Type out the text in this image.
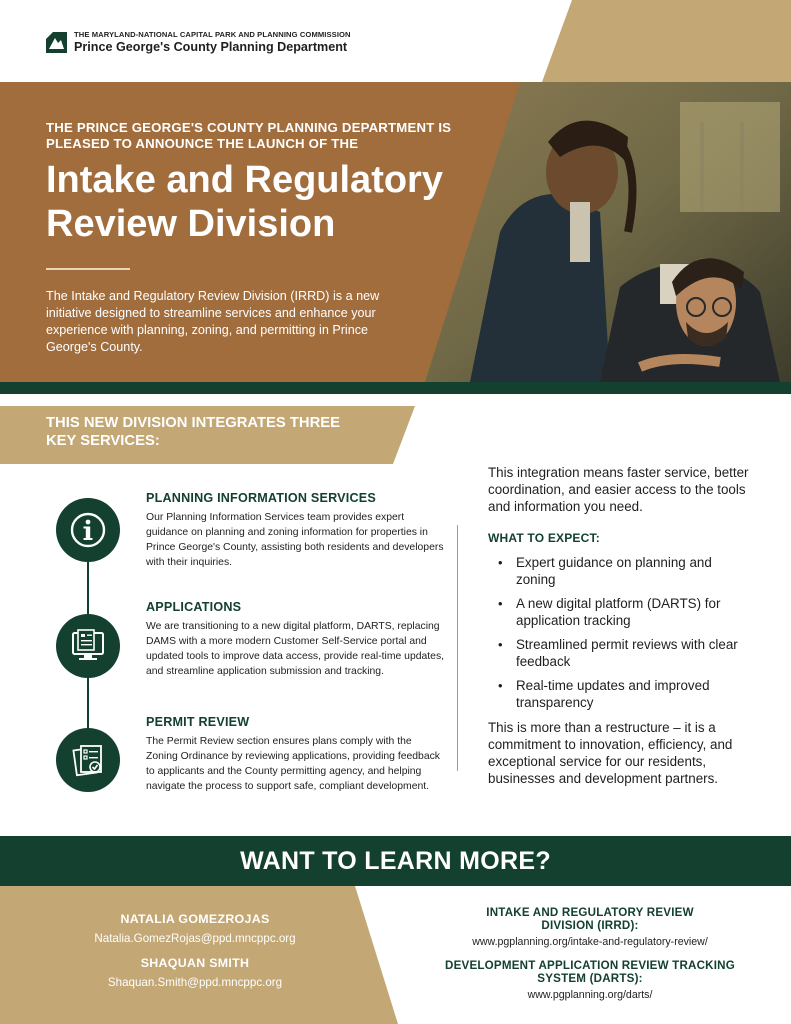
THE MARYLAND-NATIONAL CAPITAL PARK AND PLANNING COMMISSION
Prince George's County Planning Department
THE PRINCE GEORGE'S COUNTY PLANNING DEPARTMENT IS PLEASED TO ANNOUNCE THE LAUNCH OF THE
Intake and Regulatory Review Division
The Intake and Regulatory Review Division (IRRD) is a new initiative designed to streamline services and enhance your experience with planning, zoning, and permitting in Prince George's County.
THIS NEW DIVISION INTEGRATES THREE KEY SERVICES:
PLANNING INFORMATION SERVICES
Our Planning Information Services team provides expert guidance on planning and zoning information for properties in Prince George's County, assisting both residents and developers with their inquiries.
APPLICATIONS
We are transitioning to a new digital platform, DARTS, replacing DAMS with a more modern Customer Self-Service portal and updated tools to improve data access, provide real-time updates, and streamline application submission and tracking.
PERMIT REVIEW
The Permit Review section ensures plans comply with the Zoning Ordinance by reviewing applications, providing feedback to applicants and the County permitting agency, and helping navigate the process to support safe, compliant development.
This integration means faster service, better coordination, and easier access to the tools and information you need.
WHAT TO EXPECT:
• Expert guidance on planning and zoning
• A new digital platform (DARTS) for application tracking
• Streamlined permit reviews with clear feedback
• Real-time updates and improved transparency
This is more than a restructure – it is a commitment to innovation, efficiency, and exceptional service for our residents, businesses and development partners.
WANT TO LEARN MORE?
NATALIA GOMEZROJAS
Natalia.GomezRojas@ppd.mncppc.org
SHAQUAN SMITH
Shaquan.Smith@ppd.mncppc.org
INTAKE AND REGULATORY REVIEW DIVISION (IRRD):
www.pgplanning.org/intake-and-regulatory-review/
DEVELOPMENT APPLICATION REVIEW TRACKING SYSTEM (DARTS):
www.pgplanning.org/darts/
